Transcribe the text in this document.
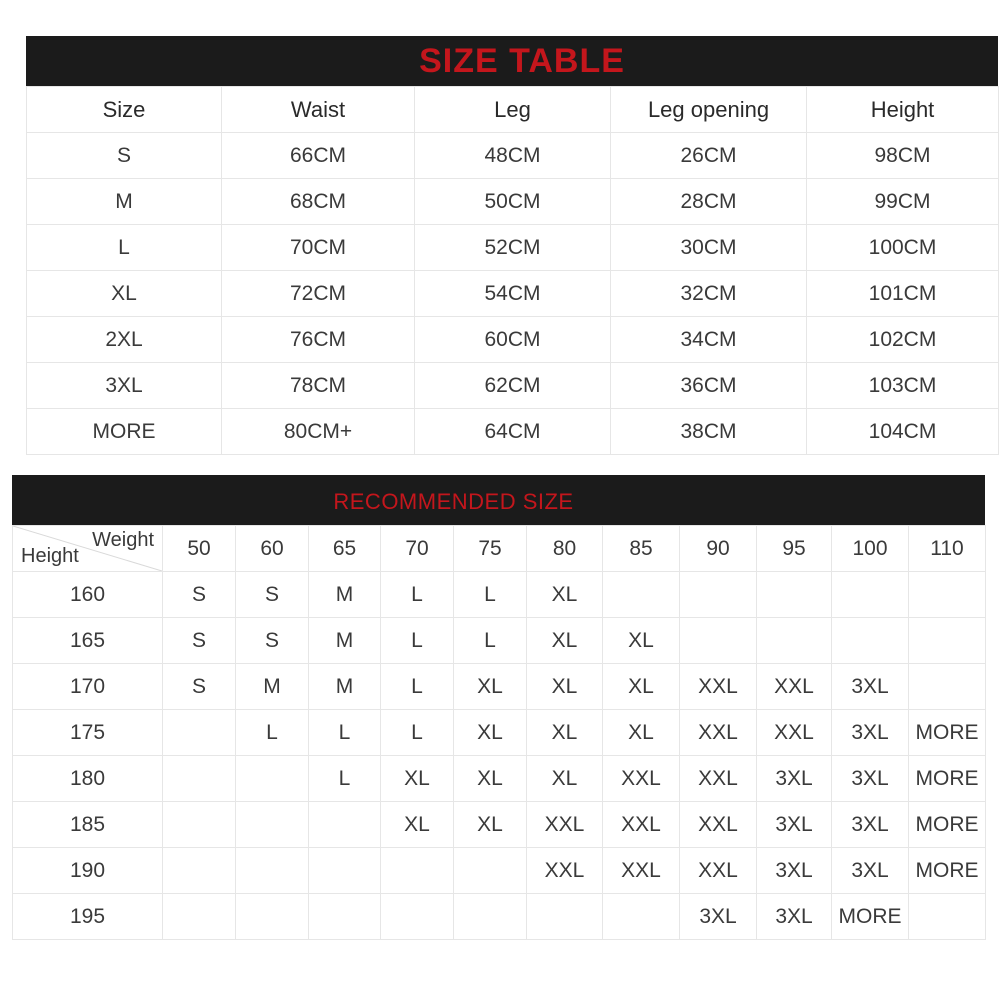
SIZE TABLE
Size	Waist	Leg	Leg opening	Height
S	66CM	48CM	26CM	98CM
M	68CM	50CM	28CM	99CM
L	70CM	52CM	30CM	100CM
XL	72CM	54CM	32CM	101CM
2XL	76CM	60CM	34CM	102CM
3XL	78CM	62CM	36CM	103CM
MORE	80CM+	64CM	38CM	104CM
RECOMMENDED SIZE
Weight
Height	50	60	65	70	75	80	85	90	95	100	110
160	S	S	M	L	L	XL					
165	S	S	M	L	L	XL	XL				
170	S	M	M	L	XL	XL	XL	XXL	XXL	3XL	
175		L	L	L	XL	XL	XL	XXL	XXL	3XL	MORE
180			L	XL	XL	XL	XXL	XXL	3XL	3XL	MORE
185				XL	XL	XXL	XXL	XXL	3XL	3XL	MORE
190						XXL	XXL	XXL	3XL	3XL	MORE
195								3XL	3XL	MORE	
